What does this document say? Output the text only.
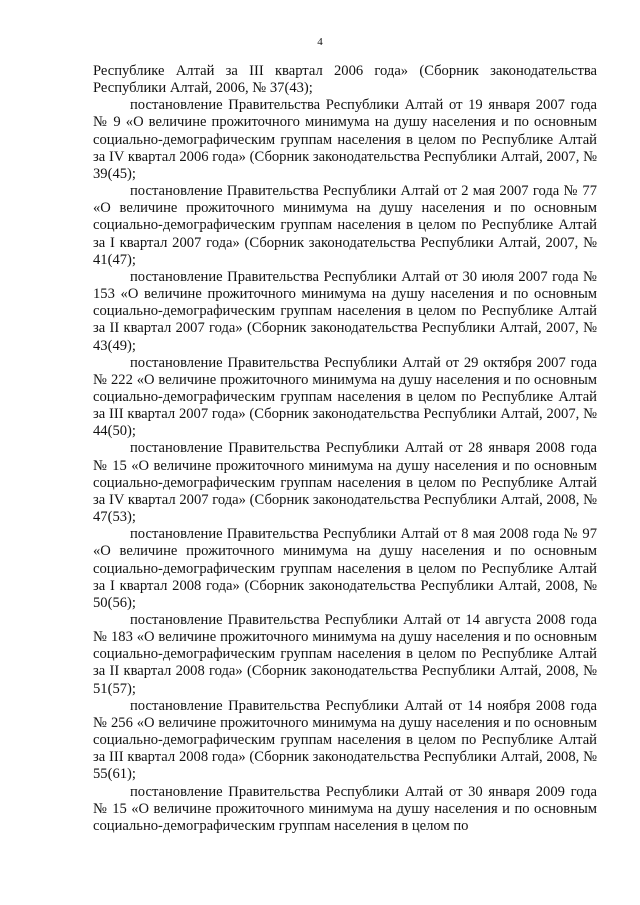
4

Республике Алтай за III квартал 2006 года» (Сборник законодательства Республики Алтай, 2006, № 37(43);

постановление Правительства Республики Алтай от 19 января 2007 года № 9 «О величине прожиточного минимума на душу населения и по основным социально-демографическим группам населения в целом по Республике Алтай за IV квартал 2006 года» (Сборник законодательства Республики Алтай, 2007, № 39(45);

постановление Правительства Республики Алтай от 2 мая 2007 года № 77 «О величине прожиточного минимума на душу населения и по основным социально-демографическим группам населения в целом по Республике Алтай за I квартал 2007 года» (Сборник законодательства Республики Алтай, 2007, № 41(47);

постановление Правительства Республики Алтай от 30 июля 2007 года № 153 «О величине прожиточного минимума на душу населения и по основным социально-демографическим группам населения в целом по Республике Алтай за II квартал 2007 года» (Сборник законодательства Республики Алтай, 2007, № 43(49);

постановление Правительства Республики Алтай от 29 октября 2007 года № 222 «О величине прожиточного минимума на душу населения и по основным социально-демографическим группам населения в целом по Республике Алтай за III квартал 2007 года» (Сборник законодательства Республики Алтай, 2007, № 44(50);

постановление Правительства Республики Алтай от 28 января 2008 года № 15 «О величине прожиточного минимума на душу населения и по основным социально-демографическим группам населения в целом по Республике Алтай за IV квартал 2007 года» (Сборник законодательства Республики Алтай, 2008, № 47(53);

постановление Правительства Республики Алтай от 8 мая 2008 года № 97 «О величине прожиточного минимума на душу населения и по основным социально-демографическим группам населения в целом по Республике Алтай за I квартал 2008 года» (Сборник законодательства Республики Алтай, 2008, № 50(56);

постановление Правительства Республики Алтай от 14 августа 2008 года № 183 «О величине прожиточного минимума на душу населения и по основным социально-демографическим группам населения в целом по Республике Алтай за II квартал 2008 года» (Сборник законодательства Республики Алтай, 2008, № 51(57);

постановление Правительства Республики Алтай от 14 ноября 2008 года № 256 «О величине прожиточного минимума на душу населения и по основным социально-демографическим группам населения в целом по Республике Алтай за III квартал 2008 года» (Сборник законодательства Республики Алтай, 2008, № 55(61);

постановление Правительства Республики Алтай от 30 января 2009 года № 15 «О величине прожиточного минимума на душу населения и по основным социально-демографическим группам населения в целом по
